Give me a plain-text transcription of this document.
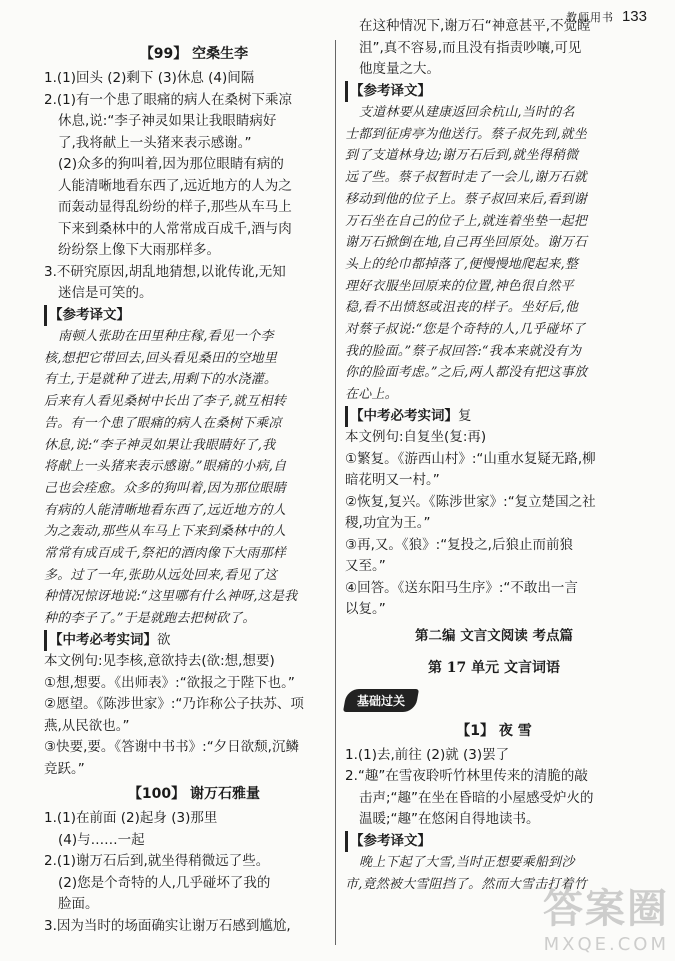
教师用书 133

【99】 空桑生李

1.(1)回头 (2)剩下 (3)休息 (4)间隔

2.(1)有一个患了眼痛的病人在桑树下乘凉

休息,说:“李子神灵如果让我眼睛病好

了,我将献上一头猪来表示感谢。”

(2)众多的狗叫着,因为那位眼睛有病的

人能清晰地看东西了,远近地方的人为之

而轰动显得乱纷纷的样子,那些从车马上

下来到桑林中的人常常成百成千,酒与肉

纷纷祭上像下大雨那样多。

3.不研究原因,胡乱地猜想,以讹传讹,无知

迷信是可笑的。

【参考译文】

南顿人张助在田里种庄稼,看见一个李

核,想把它带回去,回头看见桑田的空地里

有土,于是就种了进去,用剩下的水浇灌。

后来有人看见桑树中长出了李子,就互相转

告。有一个患了眼痛的病人在桑树下乘凉

休息,说:“李子神灵如果让我眼睛好了,我

将献上一头猪来表示感谢。”眼痛的小病,自

己也会痊愈。众多的狗叫着,因为那位眼睛

有病的人能清晰地看东西了,远近地方的人

为之轰动,那些从车马上下来到桑林中的人

常常有成百成千,祭祀的酒肉像下大雨那样

多。过了一年,张助从远处回来,看见了这

种情况惊讶地说:“这里哪有什么神呀,这是我

种的李子了。”于是就跑去把树砍了。

【中考必考实词】欲

本文例句:见李核,意欲持去(欲:想,想要)

①想,想要。《出师表》:“欲报之于陛下也。”

②愿望。《陈涉世家》:“乃诈称公子扶苏、项

燕,从民欲也。”

③快要,要。《答谢中书书》:“夕日欲颓,沉鳞

竞跃。”

【100】 谢万石雅量

1.(1)在前面 (2)起身 (3)那里

(4)与……一起

2.(1)谢万石后到,就坐得稍微远了些。

(2)您是个奇特的人,几乎碰坏了我的

脸面。

3.因为当时的场面确实让谢万石感到尴尬,

在这种情况下,谢万石“神意甚平,不觉瞠

沮”,真不容易,而且没有指责吵嚷,可见

他度量之大。

【参考译文】

支道林要从建康返回余杭山,当时的名

士都到征虏亭为他送行。蔡子叔先到,就坐

到了支道林身边;谢万石后到,就坐得稍微

远了些。蔡子叔暂时走了一会儿,谢万石就

移动到他的位子上。蔡子叔回来后,看到谢

万石坐在自己的位子上,就连着坐垫一起把

谢万石掀倒在地,自己再坐回原处。谢万石

头上的纶巾都掉落了,便慢慢地爬起来,整

理好衣服坐回原来的位置,神色很自然平

稳,看不出愤怒或沮丧的样子。坐好后,他

对蔡子叔说:“您是个奇特的人,几乎碰坏了

我的脸面。”蔡子叔回答:“我本来就没有为

你的脸面考虑。”之后,两人都没有把这事放

在心上。

【中考必考实词】复

本文例句:自复坐(复:再)

①繁复。《游西山村》:“山重水复疑无路,柳

暗花明又一村。”

②恢复,复兴。《陈涉世家》:“复立楚国之社

稷,功宜为王。”

③再,又。《狼》:“复投之,后狼止而前狼

又至。”

④回答。《送东阳马生序》:“不敢出一言

以复。”

第二编 文言文阅读 考点篇

第 17 单元 文言词语

基础过关

【1】 夜 雪

1.(1)去,前往 (2)就 (3)罢了

2.“趣”在雪夜聆听竹林里传来的清脆的敲

击声;“趣”在坐在昏暗的小屋感受炉火的

温暖;“趣”在悠闲自得地读书。

【参考译文】

晚上下起了大雪,当时正想要乘船到沙

市,竟然被大雪阻挡了。然而大雪击打着竹

答案圈
MXQE.COM
